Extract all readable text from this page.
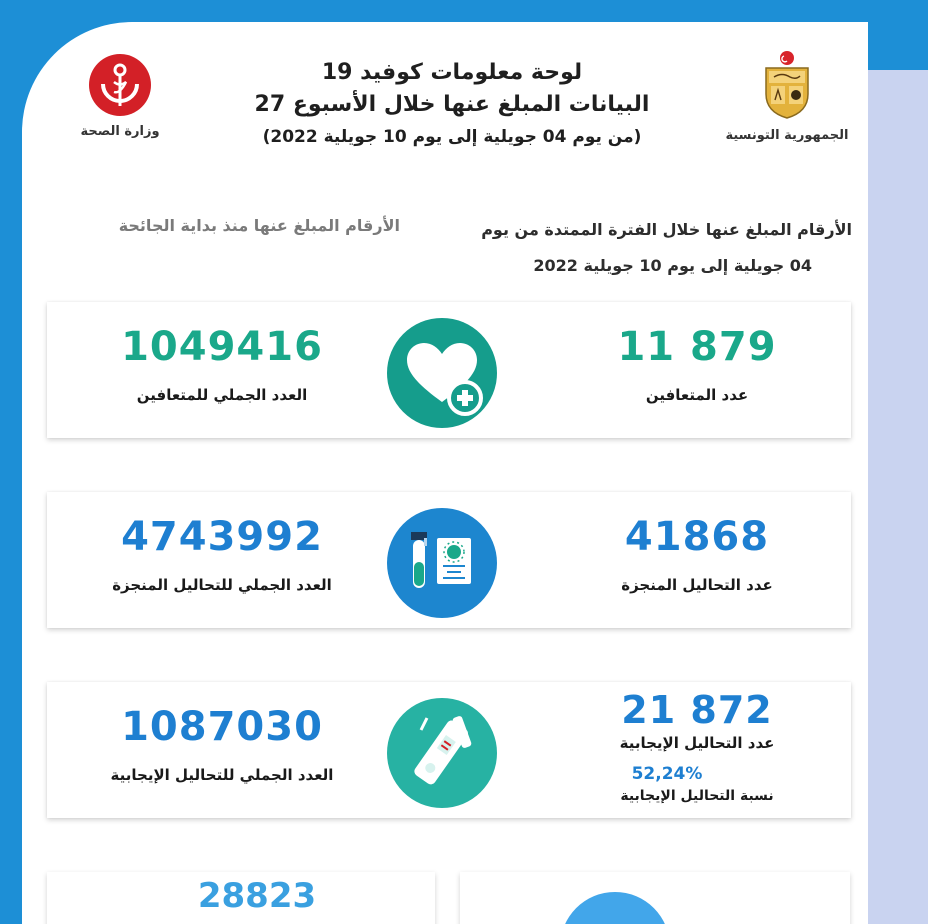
وزارة الصحة
لوحة معلومات كوفيد 19
البيانات المبلغ عنها خلال الأسبوع 27
(من يوم 04 جويلية إلى يوم 10 جويلية 2022)	الجمهورية التونسية
الأرقام المبلغ عنها منذ بداية الجائحة	الأرقام المبلغ عنها خلال الفترة الممتدة من يوم
04 جويلية إلى يوم 10 جويلية 2022
1049416
العدد الجملي للمتعافين
11 879
عدد المتعافين
4743992
العدد الجملي للتحاليل المنجزة
41868
عدد التحاليل المنجزة
1087030
العدد الجملي للتحاليل الإيجابية
21 872
عدد التحاليل الإيجابية
52,24%
نسبة التحاليل الإيجابية
28823
